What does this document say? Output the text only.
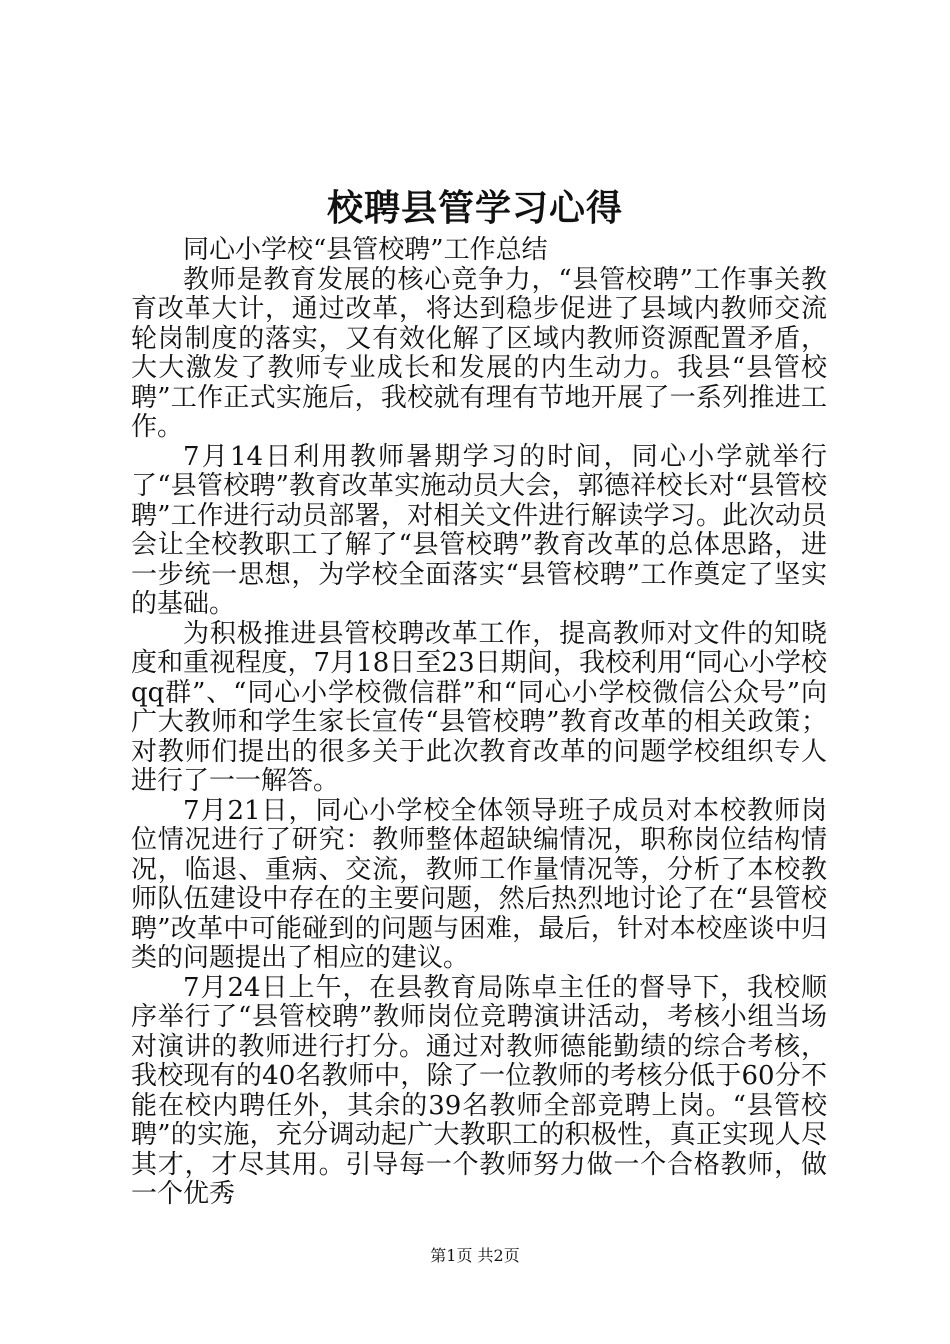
校聘县管学习心得

同心小学校“县管校聘”工作总结

教师是教育发展的核心竞争力，“县管校聘”工作事关教育改革大计，通过改革，将达到稳步促进了县域内教师交流轮岗制度的落实，又有效化解了区域内教师资源配置矛盾，大大激发了教师专业成长和发展的内生动力。我县“县管校聘”工作正式实施后，我校就有理有节地开展了一系列推进工作。

7月14日利用教师暑期学习的时间，同心小学就举行了“县管校聘”教育改革实施动员大会，郭德祥校长对“县管校聘”工作进行动员部署，对相关文件进行解读学习。此次动员会让全校教职工了解了“县管校聘”教育改革的总体思路，进一步统一思想，为学校全面落实“县管校聘”工作奠定了坚实的基础。

为积极推进县管校聘改革工作，提高教师对文件的知晓度和重视程度，7月18日至23日期间，我校利用“同心小学校qq群”、“同心小学校微信群”和“同心小学校微信公众号”向广大教师和学生家长宣传“县管校聘”教育改革的相关政策；对教师们提出的很多关于此次教育改革的问题学校组织专人进行了一一解答。

7月21日，同心小学校全体领导班子成员对本校教师岗位情况进行了研究：教师整体超缺编情况，职称岗位结构情况，临退、重病、交流，教师工作量情况等，分析了本校教师队伍建设中存在的主要问题，然后热烈地讨论了在“县管校聘”改革中可能碰到的问题与困难，最后，针对本校座谈中归类的问题提出了相应的建议。

7月24日上午，在县教育局陈卓主任的督导下，我校顺序举行了“县管校聘”教师岗位竞聘演讲活动，考核小组当场对演讲的教师进行打分。通过对教师德能勤绩的综合考核，我校现有的40名教师中，除了一位教师的考核分低于60分不能在校内聘任外，其余的39名教师全部竞聘上岗。“县管校聘”的实施，充分调动起广大教职工的积极性，真正实现人尽其才，才尽其用。引导每一个教师努力做一个合格教师，做一个优秀

第1页 共2页
